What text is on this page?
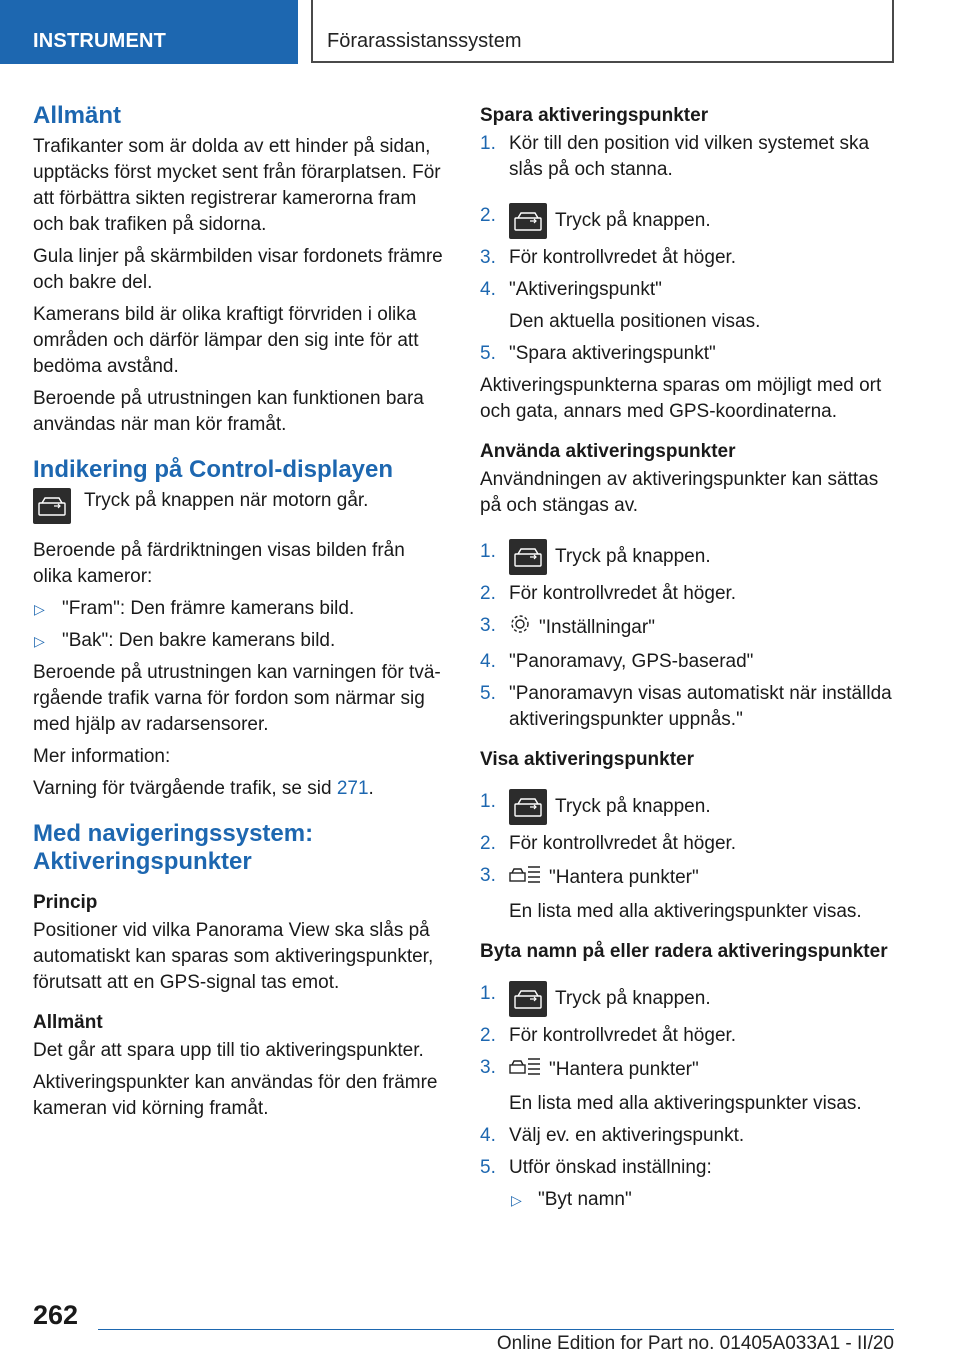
INSTRUMENT	Förarassistanssystem
Allmänt

Trafikanter som är dolda av ett hinder på sidan, upptäcks först mycket sent från förarplatsen. För att förbättra sikten registrerar kamerorna fram och bak trafiken på sidorna.

Gula linjer på skärmbilden visar fordonets främre och bakre del.

Kamerans bild är olika kraftigt förvriden i olika områden och därför lämpar den sig inte för att bedöma avstånd.

Beroende på utrustningen kan funktionen bara användas när man kör framåt.

Indikering på Control-displayen
Tryck på knappen när motorn går.

Beroende på färdriktningen visas bilden från olika kameror:

▷ "Fram": Den främre kamerans bild.
▷ "Bak": Den bakre kamerans bild.

Beroende på utrustningen kan varningen för tvä‐rgående trafik varna för fordon som närmar sig med hjälp av radarsensorer.

Mer information:

Varning för tvärgående trafik, se sid 271.

Med navigeringssystem: Aktiveringspunkter
Princip

Positioner vid vilka Panorama View ska slås på automatiskt kan sparas som aktiveringspunkter, förutsatt att en GPS-signal tas emot.

Allmänt

Det går att spara upp till tio aktiveringspunkter.

Aktiveringspunkter kan användas för den främre kameran vid körning framåt.

Spara aktiveringspunkter
1. Kör till den position vid vilken systemet ska slås på och stanna.
2.	Tryck på knappen.
3. För kontrollvredet åt höger.
4. "Aktiveringspunkt"
Den aktuella positionen visas.
5. "Spara aktiveringspunkt"

Aktiveringspunkterna sparas om möjligt med ort och gata, annars med GPS-koordinaterna.

Använda aktiveringspunkter

Användningen av aktiveringspunkter kan sättas på och stängas av.

1.	Tryck på knappen.
2. För kontrollvredet åt höger.
3. "Inställningar"
4. "Panoramavy, GPS-baserad"
5. "Panoramavyn visas automatiskt när inställda aktiveringspunkter uppnås."
Visa aktiveringspunkter
1.	Tryck på knappen.
2. För kontrollvredet åt höger.
3.	"Hantera punkter"
En lista med alla aktiveringspunkter visas.
Byta namn på eller radera aktiveringspunkter
1.	Tryck på knappen.
2. För kontrollvredet åt höger.
3.	"Hantera punkter"
En lista med alla aktiveringspunkter visas.
4. Välj ev. en aktiveringspunkt.
5. Utför önskad inställning:
▷ "Byt namn"
262
Online Edition for Part no. 01405A033A1 - II/20
